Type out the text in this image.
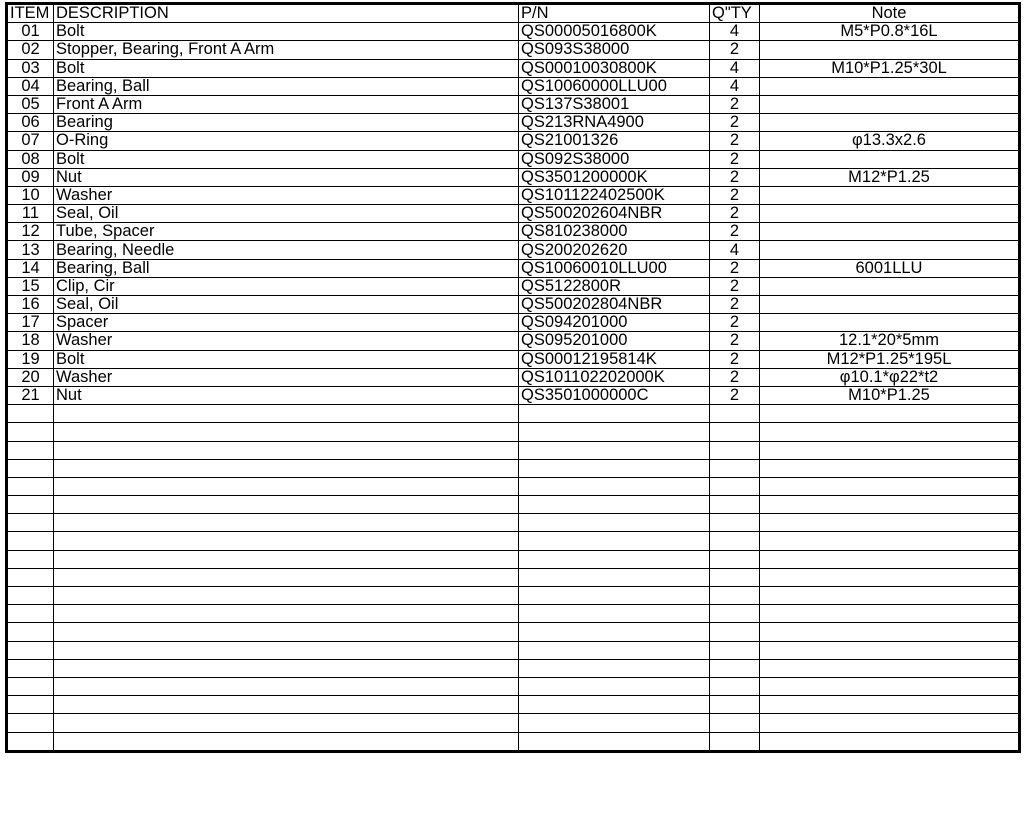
ITEM	DESCRIPTION	P/N	Q"TY	Note
01	Bolt	QS00005016800K	4	M5*P0.8*16L
02	Stopper, Bearing, Front A Arm	QS093S38000	2	
03	Bolt	QS00010030800K	4	M10*P1.25*30L
04	Bearing, Ball	QS10060000LLU00	4	
05	Front A Arm	QS137S38001	2	
06	Bearing	QS213RNA4900	2	
07	O-Ring	QS21001326	2	φ13.3x2.6
08	Bolt	QS092S38000	2	
09	Nut	QS3501200000K	2	M12*P1.25
10	Washer	QS101122402500K	2	
11	Seal, Oil	QS500202604NBR	2	
12	Tube, Spacer	QS810238000	2	
13	Bearing, Needle	QS200202620	4	
14	Bearing, Ball	QS10060010LLU00	2	6001LLU
15	Clip, Cir	QS5122800R	2	
16	Seal, Oil	QS500202804NBR	2	
17	Spacer	QS094201000	2	
18	Washer	QS095201000	2	12.1*20*5mm
19	Bolt	QS00012195814K	2	M12*P1.25*195L
20	Washer	QS101102202000K	2	φ10.1*φ22*t2
21	Nut	QS3501000000C	2	M10*P1.25
